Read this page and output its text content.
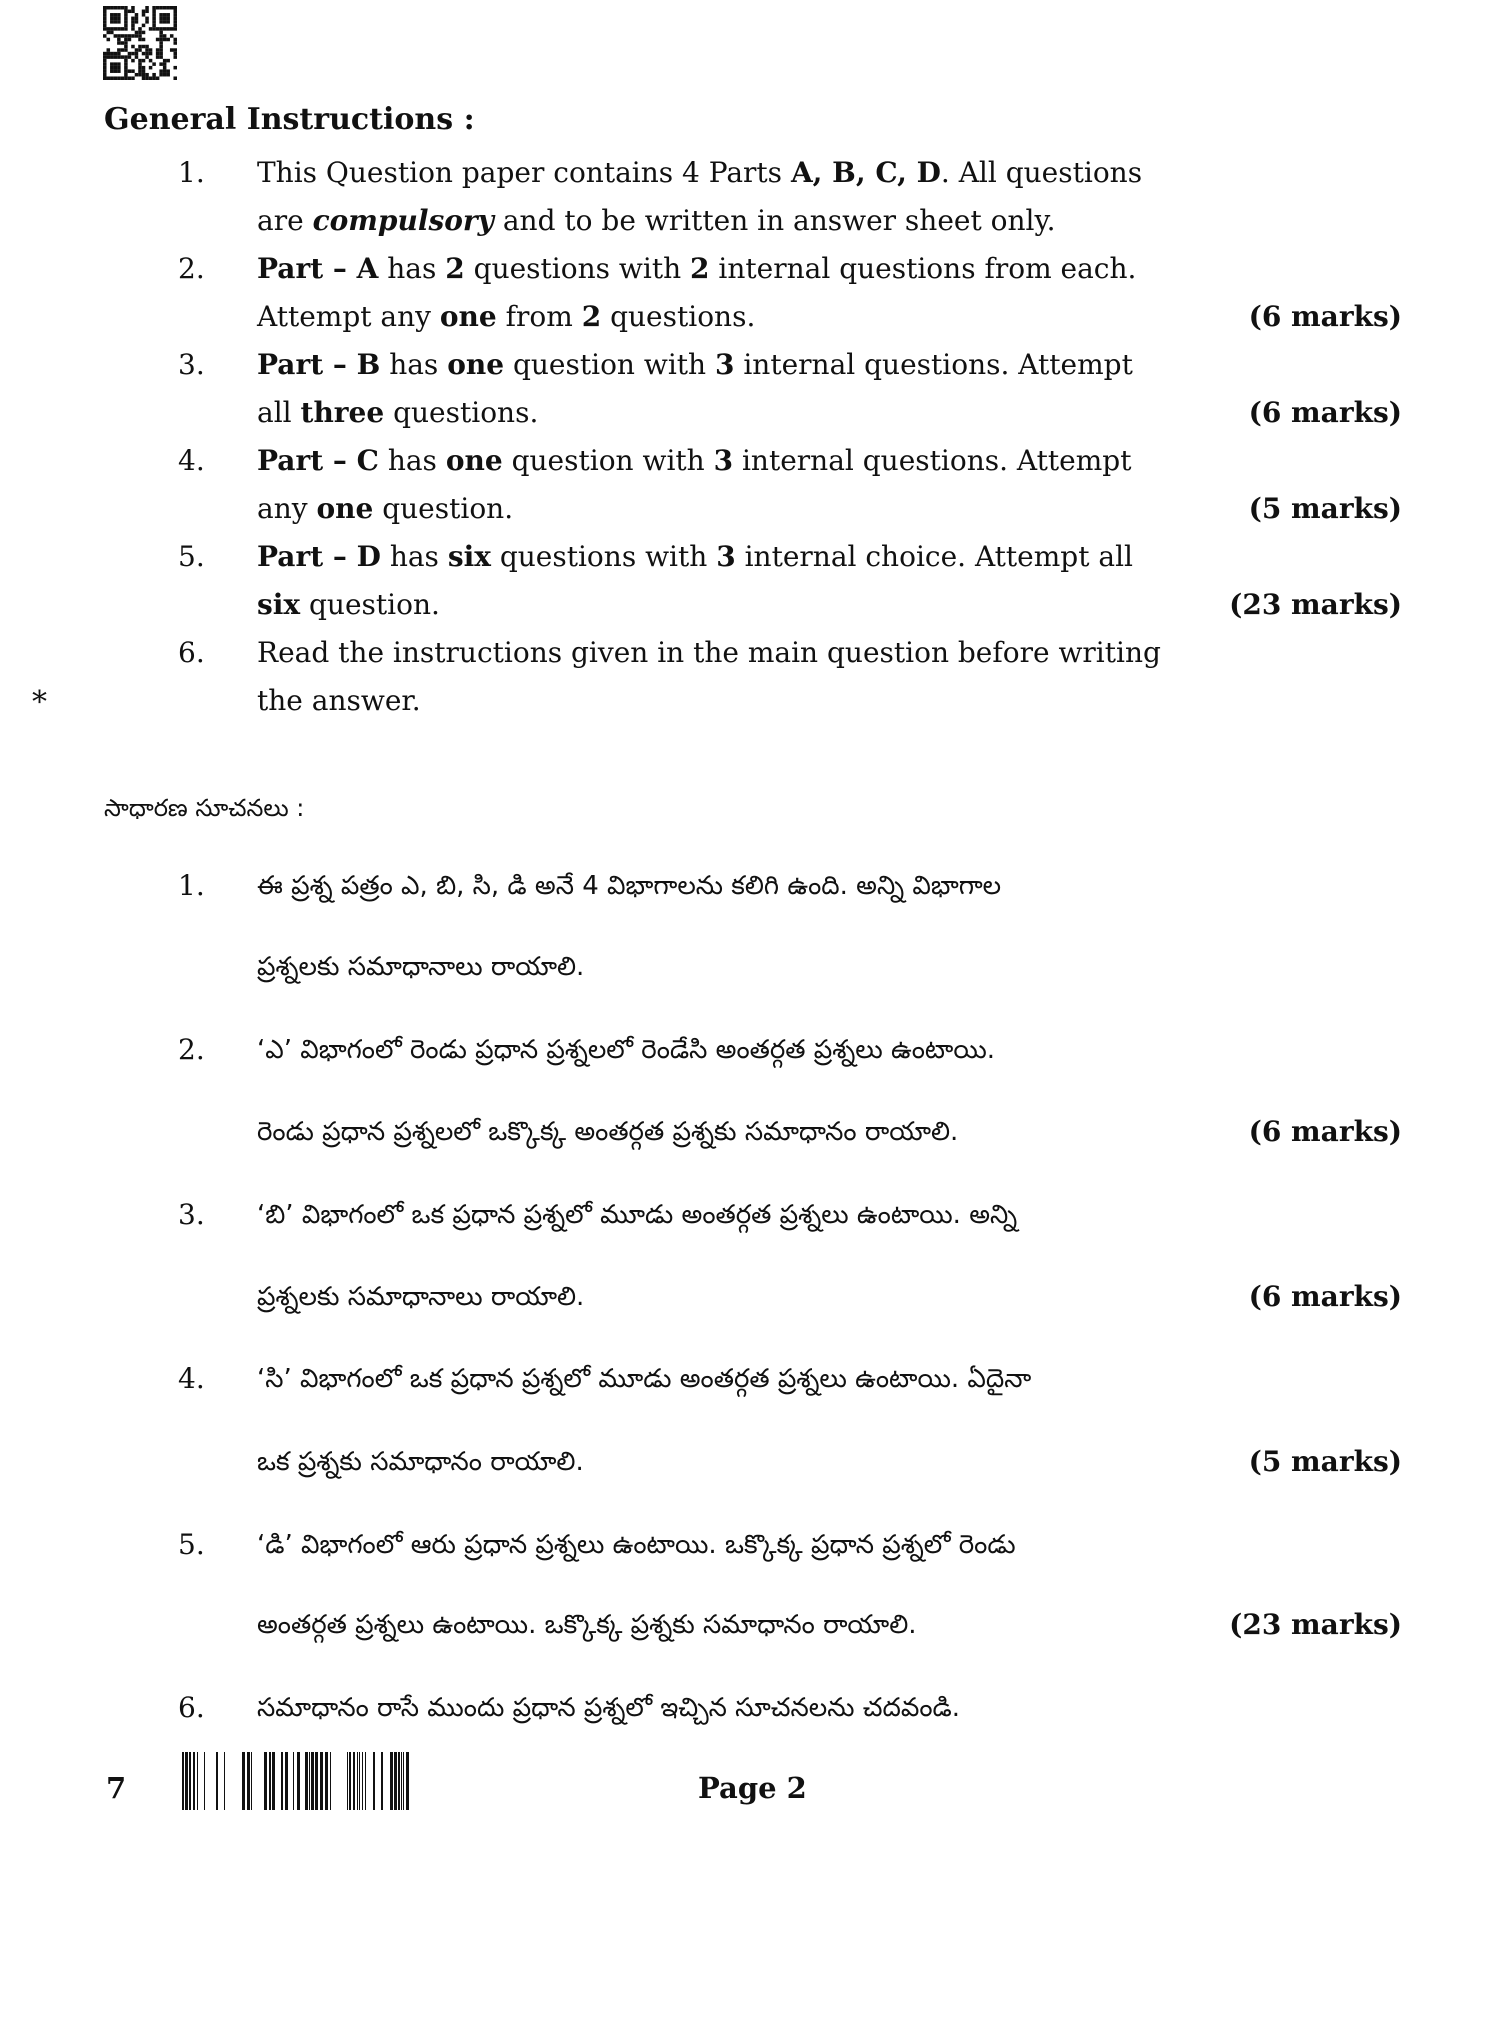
General Instructions :
1. This Question paper contains 4 Parts A, B, C, D. All questions
are compulsory and to be written in answer sheet only.
2. Part – A has 2 questions with 2 internal questions from each.
Attempt any one from 2 questions.	(6 marks)
3. Part – B has one question with 3 internal questions. Attempt
all three questions.	(6 marks)
4. Part – C has one question with 3 internal questions. Attempt
any one question.	(5 marks)
5. Part – D has six questions with 3 internal choice. Attempt all
six question.	(23 marks)
6. Read the instructions given in the main question before writing
the answer.
*
సాధారణ సూచనలు :
1. ఈ ప్రశ్న పత్రం ఎ, బి, సి, డి అనే 4 విభాగాలను కలిగి ఉంది. అన్ని విభాగాల
ప్రశ్నలకు సమాధానాలు రాయాలి.
2. ‘ఎ’ విభాగంలో రెండు ప్రధాన ప్రశ్నలలో రెండేసి అంతర్గత ప్రశ్నలు ఉంటాయి.
రెండు ప్రధాన ప్రశ్నలలో ఒక్కొక్క అంతర్గత ప్రశ్నకు సమాధానం రాయాలి.	(6 marks)
3. ‘బి’ విభాగంలో ఒక ప్రధాన ప్రశ్నలో మూడు అంతర్గత ప్రశ్నలు ఉంటాయి. అన్ని
ప్రశ్నలకు సమాధానాలు రాయాలి.	(6 marks)
4. ‘సి’ విభాగంలో ఒక ప్రధాన ప్రశ్నలో మూడు అంతర్గత ప్రశ్నలు ఉంటాయి. ఏదైనా
ఒక ప్రశ్నకు సమాధానం రాయాలి.	(5 marks)
5. ‘డి’ విభాగంలో ఆరు ప్రధాన ప్రశ్నలు ఉంటాయి. ఒక్కొక్క ప్రధాన ప్రశ్నలో రెండు
అంతర్గత ప్రశ్నలు ఉంటాయి. ఒక్కొక్క ప్రశ్నకు సమాధానం రాయాలి.	(23 marks)
6. సమాధానం రాసే ముందు ప్రధాన ప్రశ్నలో ఇచ్చిన సూచనలను చదవండి.
7	Page 2
